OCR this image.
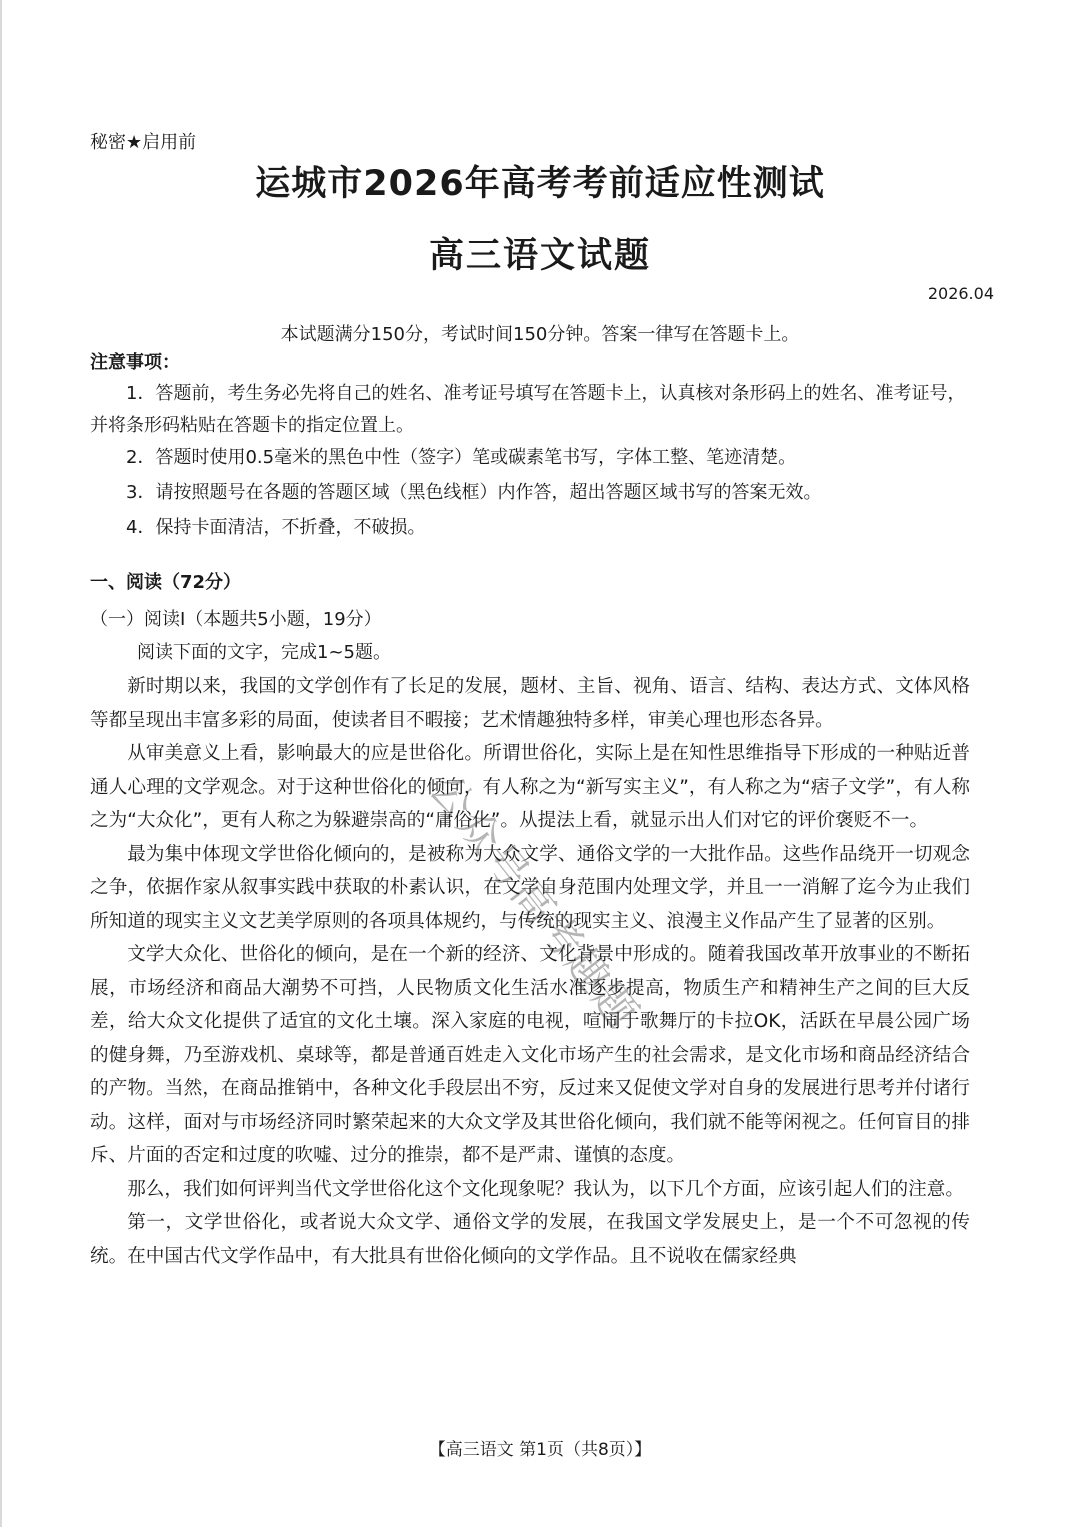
秘密★启用前
运城市2026年高考考前适应性测试
高三语文试题
2026.04
本试题满分150分，考试时间150分钟。答案一律写在答题卡上。
注意事项：

1．答题前，考生务必先将自己的姓名、准考证号填写在答题卡上，认真核对条形码上的姓名、准考证号，并将条形码粘贴在答题卡的指定位置上。

2．答题时使用0.5毫米的黑色中性（签字）笔或碳素笔书写，字体工整、笔迹清楚。

3．请按照题号在各题的答题区域（黑色线框）内作答，超出答题区域书写的答案无效。

4．保持卡面清洁，不折叠，不破损。

一、阅读（72分）
（一）阅读I（本题共5小题，19分）
阅读下面的文字，完成1~5题。

新时期以来，我国的文学创作有了长足的发展，题材、主旨、视角、语言、结构、表达方式、文体风格等都呈现出丰富多彩的局面，使读者目不暇接；艺术情趣独特多样，审美心理也形态各异。

从审美意义上看，影响最大的应是世俗化。所谓世俗化，实际上是在知性思维指导下形成的一种贴近普通人心理的文学观念。对于这种世俗化的倾向，有人称之为“新写实主义”，有人称之为“痞子文学”，有人称之为“大众化”，更有人称之为躲避崇高的“庸俗化”。从提法上看，就显示出人们对它的评价褒贬不一。

最为集中体现文学世俗化倾向的，是被称为大众文学、通俗文学的一大批作品。这些作品绕开一切观念之争，依据作家从叙事实践中获取的朴素认识，在文学自身范围内处理文学，并且一一消解了迄今为止我们所知道的现实主义文艺美学原则的各项具体规约，与传统的现实主义、浪漫主义作品产生了显著的区别。

文学大众化、世俗化的倾向，是在一个新的经济、文化背景中形成的。随着我国改革开放事业的不断拓展，市场经济和商品大潮势不可挡，人民物质文化生活水准逐步提高，物质生产和精神生产之间的巨大反差，给大众文化提供了适宜的文化土壤。深入家庭的电视，喧闹于歌舞厅的卡拉OK，活跃在早晨公园广场的健身舞，乃至游戏机、桌球等，都是普通百姓走入文化市场产生的社会需求，是文化市场和商品经济结合的产物。当然，在商品推销中，各种文化手段层出不穷，反过来又促使文学对自身的发展进行思考并付诸行动。这样，面对与市场经济同时繁荣起来的大众文学及其世俗化倾向，我们就不能等闲视之。任何盲目的排斥、片面的否定和过度的吹嘘、过分的推崇，都不是严肃、谨慎的态度。

那么，我们如何评判当代文学世俗化这个文化现象呢？我认为，以下几个方面，应该引起人们的注意。

第一，文学世俗化，或者说大众文学、通俗文学的发展，在我国文学发展史上，是一个不可忽视的传统。在中国古代文学作品中，有大批具有世俗化倾向的文学作品。且不说收在儒家经典

公众号高考趣题
【高三语文 第1页（共8页）】
